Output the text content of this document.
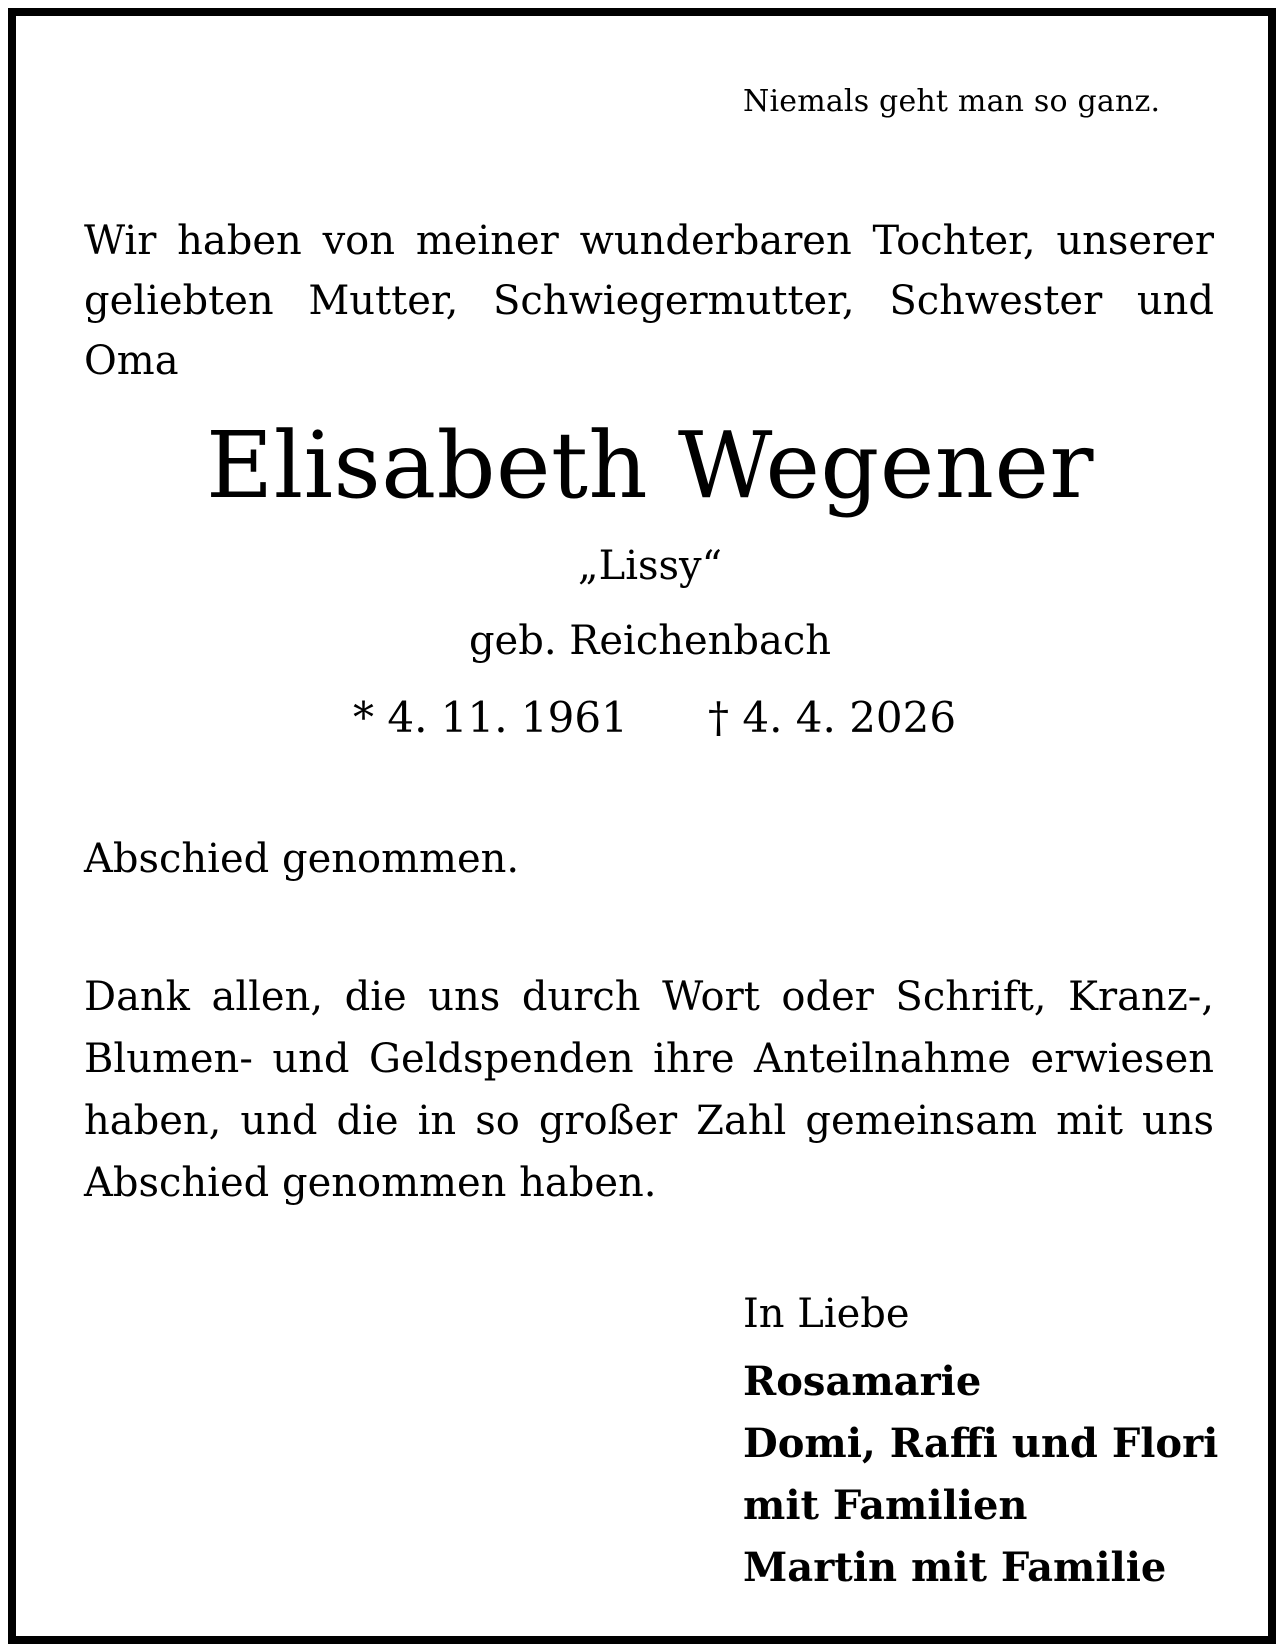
Niemals geht man so ganz.
Wir haben von meiner wunderbaren Tochter, unserer
geliebten Mutter, Schwiegermutter, Schwester und Oma
Elisabeth Wegener
„Lissy“
geb. Reichenbach
* 4. 11. 1961 † 4. 4. 2026
Abschied genommen.
Dank allen, die uns durch Wort oder Schrift, Kranz-,
Blumen- und Geldspenden ihre Anteilnahme erwiesen
haben, und die in so großer Zahl gemeinsam mit uns
Abschied genommen haben.
In Liebe
Rosamarie
Domi, Raffi und Flori
mit Familien
Martin mit Familie
